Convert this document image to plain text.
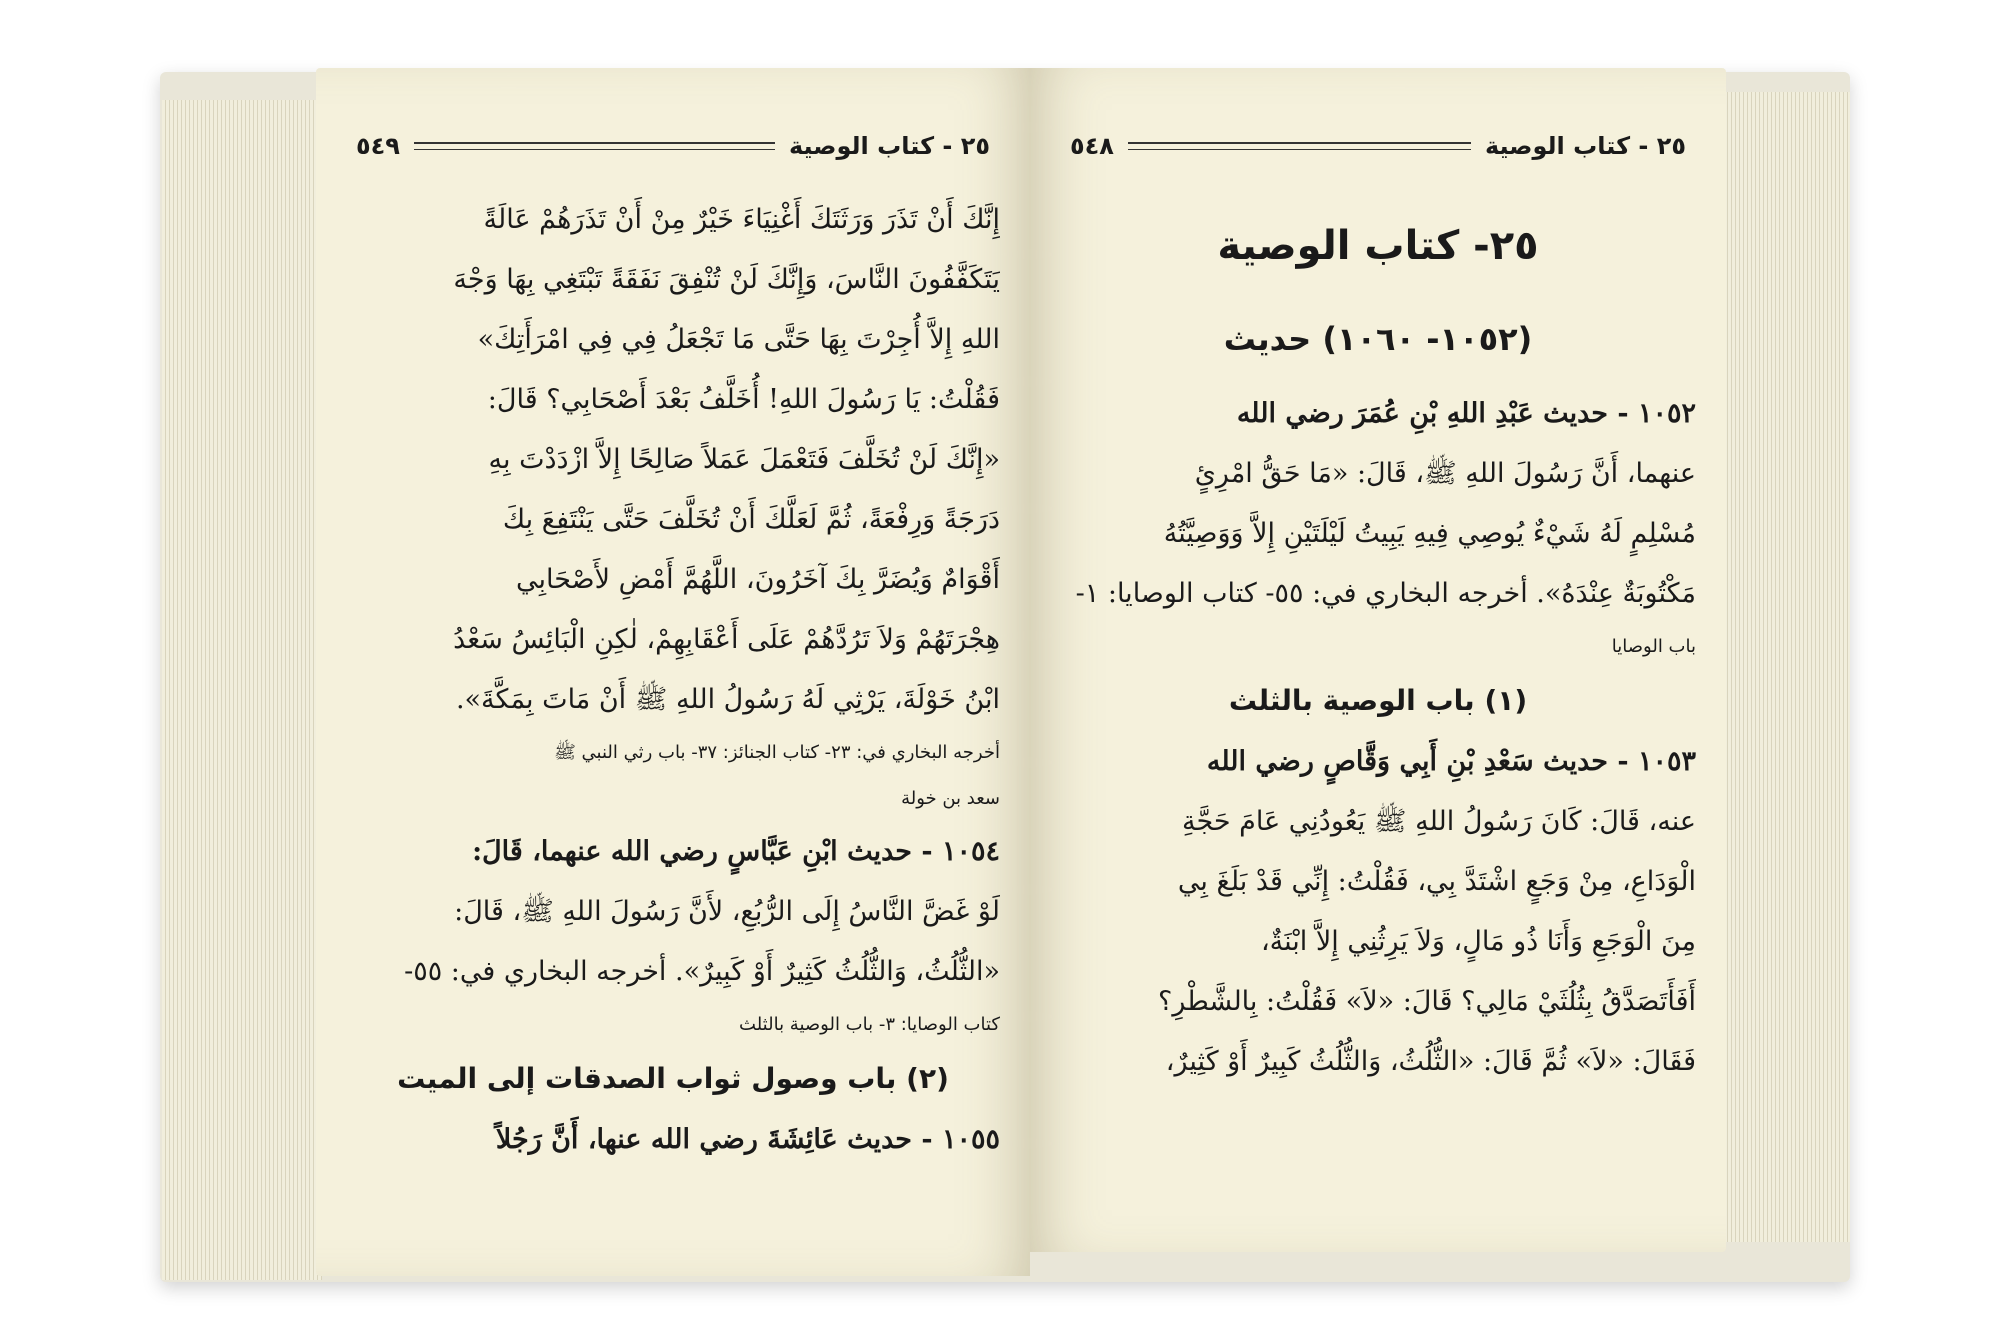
٢٥ - كتاب الوصية
٥٤٩
إِنَّكَ أَنْ تَذَرَ وَرَثَتَكَ أَغْنِيَاءَ خَيْرٌ مِنْ أَنْ تَذَرَهُمْ عَالَةً
يَتَكَفَّفُونَ النَّاسَ، وَإِنَّكَ لَنْ تُنْفِقَ نَفَقَةً تَبْتَغِي بِهَا وَجْهَ
اللهِ إِلاَّ أُجِرْتَ بِهَا حَتَّى مَا تَجْعَلُ فِي فِي امْرَأَتِكَ»
فَقُلْتُ: يَا رَسُولَ اللهِ! أُخَلَّفُ بَعْدَ أَصْحَابِي؟ قَالَ:
«إِنَّكَ لَنْ تُخَلَّفَ فَتَعْمَلَ عَمَلاً صَالِحًا إِلاَّ ازْدَدْتَ بِهِ
دَرَجَةً وَرِفْعَةً، ثُمَّ لَعَلَّكَ أَنْ تُخَلَّفَ حَتَّى يَنْتَفِعَ بِكَ
أَقْوَامٌ وَيُضَرَّ بِكَ آخَرُونَ، اللَّهُمَّ أَمْضِ لأَصْحَابِي
هِجْرَتَهُمْ وَلاَ تَرُدَّهُمْ عَلَى أَعْقَابِهِمْ، لٰكِنِ الْبَائِسُ سَعْدُ
ابْنُ خَوْلَةَ، يَرْثِي لَهُ رَسُولُ اللهِ ﷺ أَنْ مَاتَ بِمَكَّةَ».
أخرجه البخاري في: ٢٣- كتاب الجنائز: ٣٧- باب رثي النبي ﷺ
سعد بن خولة
١٠٥٤ - حديث ابْنِ عَبَّاسٍ رضي الله عنهما، قَالَ:
لَوْ غَضَّ النَّاسُ إِلَى الرُّبُعِ، لأَنَّ رَسُولَ اللهِ ﷺ، قَالَ:
«الثُّلُثُ، وَالثُّلُثُ كَثِيرٌ أَوْ كَبِيرٌ». أخرجه البخاري في: ٥٥-
كتاب الوصايا: ٣- باب الوصية بالثلث
(٢) باب وصول ثواب الصدقات إلى الميت
١٠٥٥ - حديث عَائِشَةَ رضي الله عنها، أَنَّ رَجُلاً
٢٥ - كتاب الوصية
٥٤٨
٢٥- كتاب الوصية
(١٠٥٢- ١٠٦٠) حديث
١٠٥٢ - حديث عَبْدِ اللهِ بْنِ عُمَرَ رضي الله
عنهما، أَنَّ رَسُولَ اللهِ ﷺ، قَالَ: «مَا حَقُّ امْرِئٍ
مُسْلِمٍ لَهُ شَيْءٌ يُوصِي فِيهِ يَبِيتُ لَيْلَتَيْنِ إِلاَّ وَوَصِيَّتُهُ
مَكْتُوبَةٌ عِنْدَهُ». أخرجه البخاري في: ٥٥- كتاب الوصايا: ١-
باب الوصايا
(١) باب الوصية بالثلث
١٠٥٣ - حديث سَعْدِ بْنِ أَبِي وَقَّاصٍ رضي الله
عنه، قَالَ: كَانَ رَسُولُ اللهِ ﷺ يَعُودُنِي عَامَ حَجَّةِ
الْوَدَاعِ، مِنْ وَجَعٍ اشْتَدَّ بِي، فَقُلْتُ: إِنِّي قَدْ بَلَغَ بِي
مِنَ الْوَجَعِ وَأَنَا ذُو مَالٍ، وَلاَ يَرِثُنِي إِلاَّ ابْنَةٌ،
أَفَأَتَصَدَّقُ بِثُلُثَيْ مَالِي؟ قَالَ: «لاَ» فَقُلْتُ: بِالشَّطْرِ؟
فَقَالَ: «لاَ» ثُمَّ قَالَ: «الثُّلُثُ، وَالثُّلُثُ كَبِيرٌ أَوْ كَثِيرٌ،
